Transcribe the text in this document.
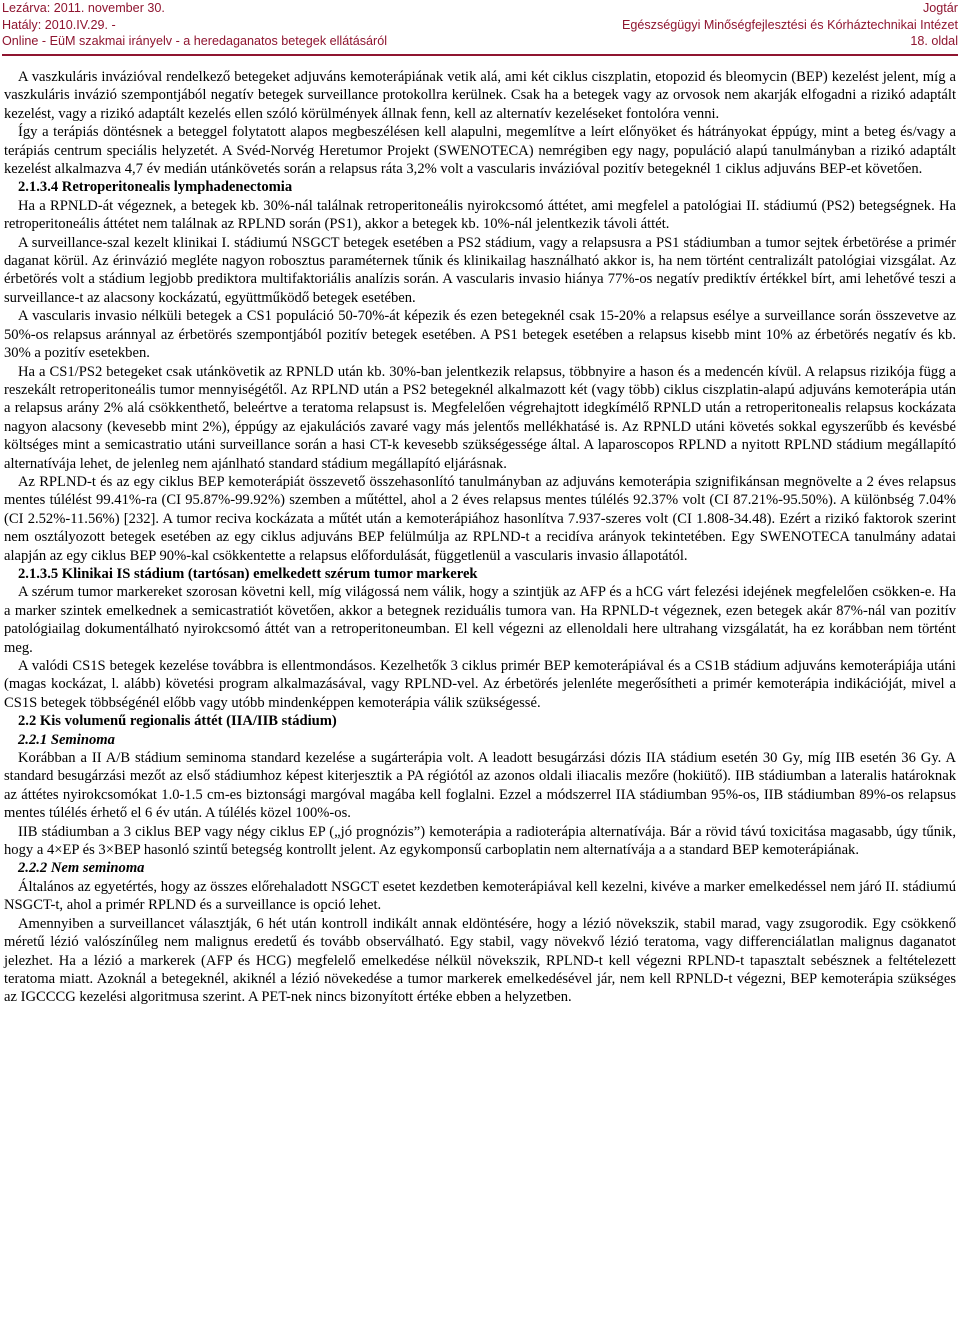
Lezárva: 2011. november 30.
Hatály: 2010.IV.29. -
Online - EüM szakmai irányelv - a heredaganatos betegek ellátásáról
Jogtár
Egészségügyi Minőségfejlesztési és Kórháztechnikai Intézet
18. oldal

A vaszkuláris invázióval rendelkező betegeket adjuváns kemoterápiának vetik alá, ami két ciklus ciszplatin, etopozid és bleomycin (BEP) kezelést jelent, míg a vaszkuláris invázió szempontjából negatív betegek surveillance protokollra kerülnek. Csak ha a betegek vagy az orvosok nem akarják elfogadni a rizikó adaptált kezelést, vagy a rizikó adaptált kezelés ellen szóló körülmények állnak fenn, kell az alternatív kezeléseket fontolóra venni.

Így a terápiás döntésnek a beteggel folytatott alapos megbeszélésen kell alapulni, megemlítve a leírt előnyöket és hátrányokat éppúgy, mint a beteg és/vagy a terápiás centrum speciális helyzetét. A Svéd-Norvég Heretumor Projekt (SWENOTECA) nemrégiben egy nagy, populáció alapú tanulmányban a rizikó adaptált kezelést alkalmazva 4,7 év medián utánkövetés során a relapsus ráta 3,2% volt a vascularis invázióval pozitív betegeknél 1 ciklus adjuváns BEP-et követően.

2.1.3.4 Retroperitonealis lymphadenectomia

Ha a RPNLD-át végeznek, a betegek kb. 30%-nál találnak retroperitoneális nyirokcsomó áttétet, ami megfelel a patológiai II. stádiumú (PS2) betegségnek. Ha retroperitoneális áttétet nem találnak az RPLND során (PS1), akkor a betegek kb. 10%-nál jelentkezik távoli áttét.

A surveillance-szal kezelt klinikai I. stádiumú NSGCT betegek esetében a PS2 stádium, vagy a relapsusra a PS1 stádiumban a tumor sejtek érbetörése a primér daganat körül. Az érinvázió megléte nagyon robosztus paraméternek tűnik és klinikailag használható akkor is, ha nem történt centralizált patológiai vizsgálat. Az érbetörés volt a stádium legjobb prediktora multifaktoriális analízis során. A vascularis invasio hiánya 77%-os negatív prediktív értékkel bírt, ami lehetővé teszi a surveillance-t az alacsony kockázatú, együttműködő betegek esetében.

A vascularis invasio nélküli betegek a CS1 populáció 50-70%-át képezik és ezen betegeknél csak 15-20% a relapsus esélye a surveillance során összevetve az 50%-os relapsus aránnyal az érbetörés szempontjából pozitív betegek esetében. A PS1 betegek esetében a relapsus kisebb mint 10% az érbetörés negatív és kb. 30% a pozitív esetekben.

Ha a CS1/PS2 betegeket csak utánkövetik az RPNLD után kb. 30%-ban jelentkezik relapsus, többnyire a hason és a medencén kívül. A relapsus rizikója függ a reszekált retroperitoneális tumor mennyiségétől. Az RPLND után a PS2 betegeknél alkalmazott két (vagy több) ciklus ciszplatin-alapú adjuváns kemoterápia után a relapsus arány 2% alá csökkenthető, beleértve a teratoma relapsust is. Megfelelően végrehajtott idegkímélő RPNLD után a retroperitonealis relapsus kockázata nagyon alacsony (kevesebb mint 2%), éppúgy az ejakulációs zavaré vagy más jelentős mellékhatásé is. Az RPNLD utáni követés sokkal egyszerűbb és kevésbé költséges mint a semicastratio utáni surveillance során a hasi CT-k kevesebb szükségessége által. A laparoscopos RPLND a nyitott RPLND stádium megállapító alternatívája lehet, de jelenleg nem ajánlható standard stádium megállapító eljárásnak.

Az RPLND-t és az egy ciklus BEP kemoterápiát összevető összehasonlító tanulmányban az adjuváns kemoterápia szignifikánsan megnövelte a 2 éves relapsus mentes túlélést 99.41%-ra (CI 95.87%-99.92%) szemben a műtéttel, ahol a 2 éves relapsus mentes túlélés 92.37% volt (CI 87.21%-95.50%). A különbség 7.04% (CI 2.52%-11.56%) [232]. A tumor reciva kockázata a műtét után a kemoterápiához hasonlítva 7.937-szeres volt (CI 1.808-34.48). Ezért a rizikó faktorok szerint nem osztályozott betegek esetében az egy ciklus adjuváns BEP felülmúlja az RPLND-t a recidíva arányok tekintetében. Egy SWENOTECA tanulmány adatai alapján az egy ciklus BEP 90%-kal csökkentette a relapsus előfordulását, függetlenül a vascularis invasio állapotától.

2.1.3.5 Klinikai IS stádium (tartósan) emelkedett szérum tumor markerek

A szérum tumor markereket szorosan követni kell, míg világossá nem válik, hogy a szintjük az AFP és a hCG várt felezési idejének megfelelően csökken-e. Ha a marker szintek emelkednek a semicastratiót követően, akkor a betegnek reziduális tumora van. Ha RPNLD-t végeznek, ezen betegek akár 87%-nál van pozitív patológiailag dokumentálható nyirokcsomó áttét van a retroperitoneumban. El kell végezni az ellenoldali here ultrahang vizsgálatát, ha ez korábban nem történt meg.

A valódi CS1S betegek kezelése továbbra is ellentmondásos. Kezelhetők 3 ciklus primér BEP kemoterápiával és a CS1B stádium adjuváns kemoterápiája utáni (magas kockázat, l. alább) követési program alkalmazásával, vagy RPLND-vel. Az érbetörés jelenléte megerősítheti a primér kemoterápia indikációját, mivel a CS1S betegek többségénél előbb vagy utóbb mindenképpen kemoterápia válik szükségessé.

2.2 Kis volumenű regionalis áttét (IIA/IIB stádium)
2.2.1 Seminoma

Korábban a II A/B stádium seminoma standard kezelése a sugárterápia volt. A leadott besugárzási dózis IIA stádium esetén 30 Gy, míg IIB esetén 36 Gy. A standard besugárzási mezőt az első stádiumhoz képest kiterjesztik a PA régiótól az azonos oldali iliacalis mezőre (hokiütő). IIB stádiumban a lateralis határoknak az áttétes nyirokcsomókat 1.0-1.5 cm-es biztonsági margóval magába kell foglalni. Ezzel a módszerrel IIA stádiumban 95%-os, IIB stádiumban 89%-os relapsus mentes túlélés érhető el 6 év után. A túlélés közel 100%-os.

IIB stádiumban a 3 ciklus BEP vagy négy ciklus EP („jó prognózis”) kemoterápia a radioterápia alternatívája. Bár a rövid távú toxicitása magasabb, úgy tűnik, hogy a 4×EP és 3×BEP hasonló szintű betegség kontrollt jelent. Az egykomponsű carboplatin nem alternatívája a a standard BEP kemoterápiának.

2.2.2 Nem seminoma

Általános az egyetértés, hogy az összes előrehaladott NSGCT esetet kezdetben kemoterápiával kell kezelni, kivéve a marker emelkedéssel nem járó II. stádiumú NSGCT-t, ahol a primér RPLND és a surveillance is opció lehet.

Amennyiben a surveillancet választják, 6 hét után kontroll indikált annak eldöntésére, hogy a lézió növekszik, stabil marad, vagy zsugorodik. Egy csökkenő méretű lézió valószínűleg nem malignus eredetű és tovább observálható. Egy stabil, vagy növekvő lézió teratoma, vagy differenciálatlan malignus daganatot jelezhet. Ha a lézió a markerek (AFP és HCG) megfelelő emelkedése nélkül növekszik, RPLND-t kell végezni RPLND-t tapasztalt sebésznek a feltételezett teratoma miatt. Azoknál a betegeknél, akiknél a lézió növekedése a tumor markerek emelkedésével jár, nem kell RPNLD-t végezni, BEP kemoterápia szükséges az IGCCCG kezelési algoritmusa szerint. A PET-nek nincs bizonyított értéke ebben a helyzetben.
